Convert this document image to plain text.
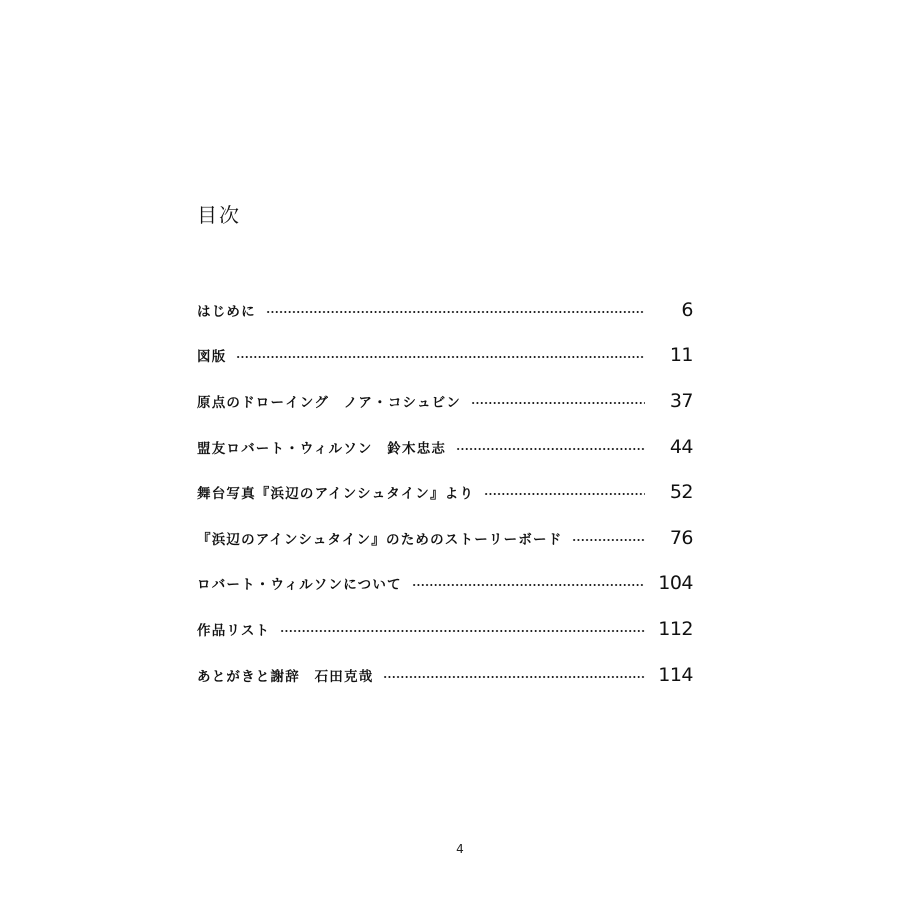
目次
はじめに	6
図版	11
原点のドローイング　ノア・コシュビン	37
盟友ロバート・ウィルソン　鈴木忠志	44
舞台写真『浜辺のアインシュタイン』より	52
『浜辺のアインシュタイン』のためのストーリーボード	76
ロバート・ウィルソンについて	104
作品リスト	112
あとがきと謝辞　石田克哉	114
4
